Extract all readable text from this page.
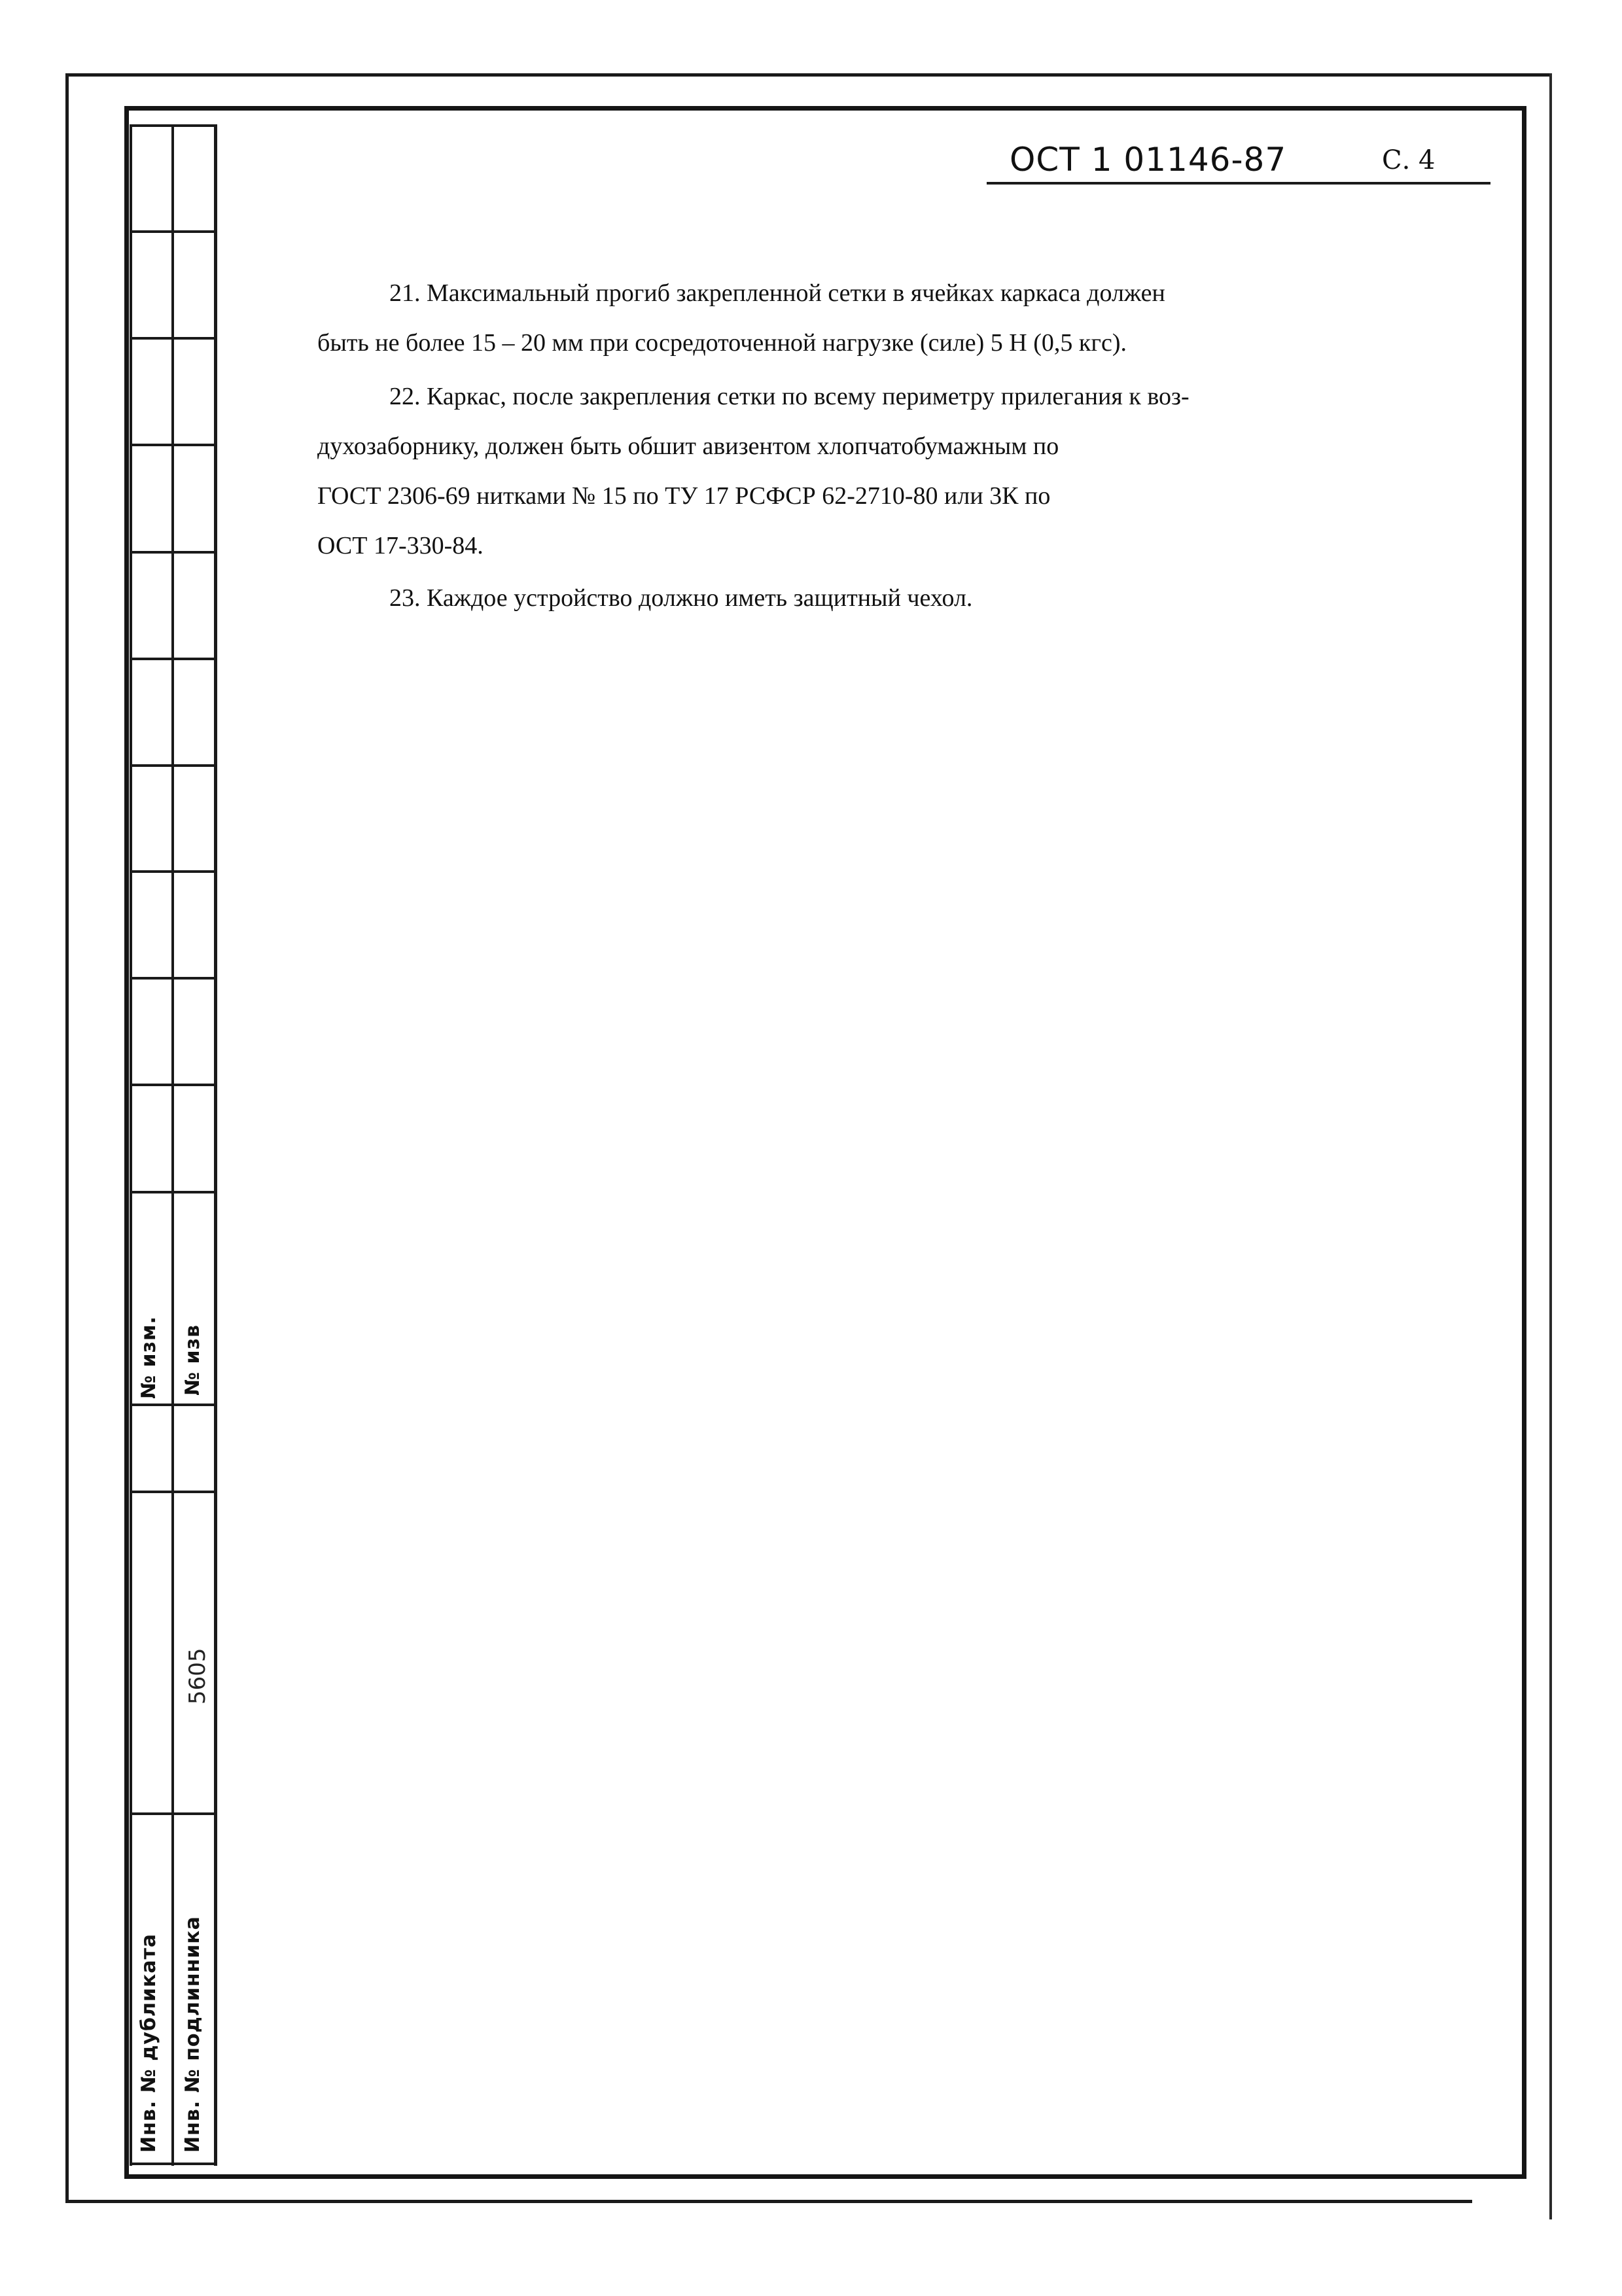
№ изм. № изв
Инв. № дубликата Инв. № подлинника
5605
ОСТ 1 01146-87	С. 4
21. Максимальный прогиб закрепленной сетки в ячейках каркаса должен
быть не более 15 – 20 мм при сосредоточенной нагрузке (силе) 5 Н (0,5 кгс).
22. Каркас, после закрепления сетки по всему периметру прилегания к воз-
духозаборнику, должен быть обшит авизентом хлопчатобумажным по
ГОСТ 2306-69 нитками № 15 по ТУ 17 РСФСР 62-2710-80 или 3К по
ОСТ 17-330-84.
23. Каждое устройство должно иметь защитный чехол.
